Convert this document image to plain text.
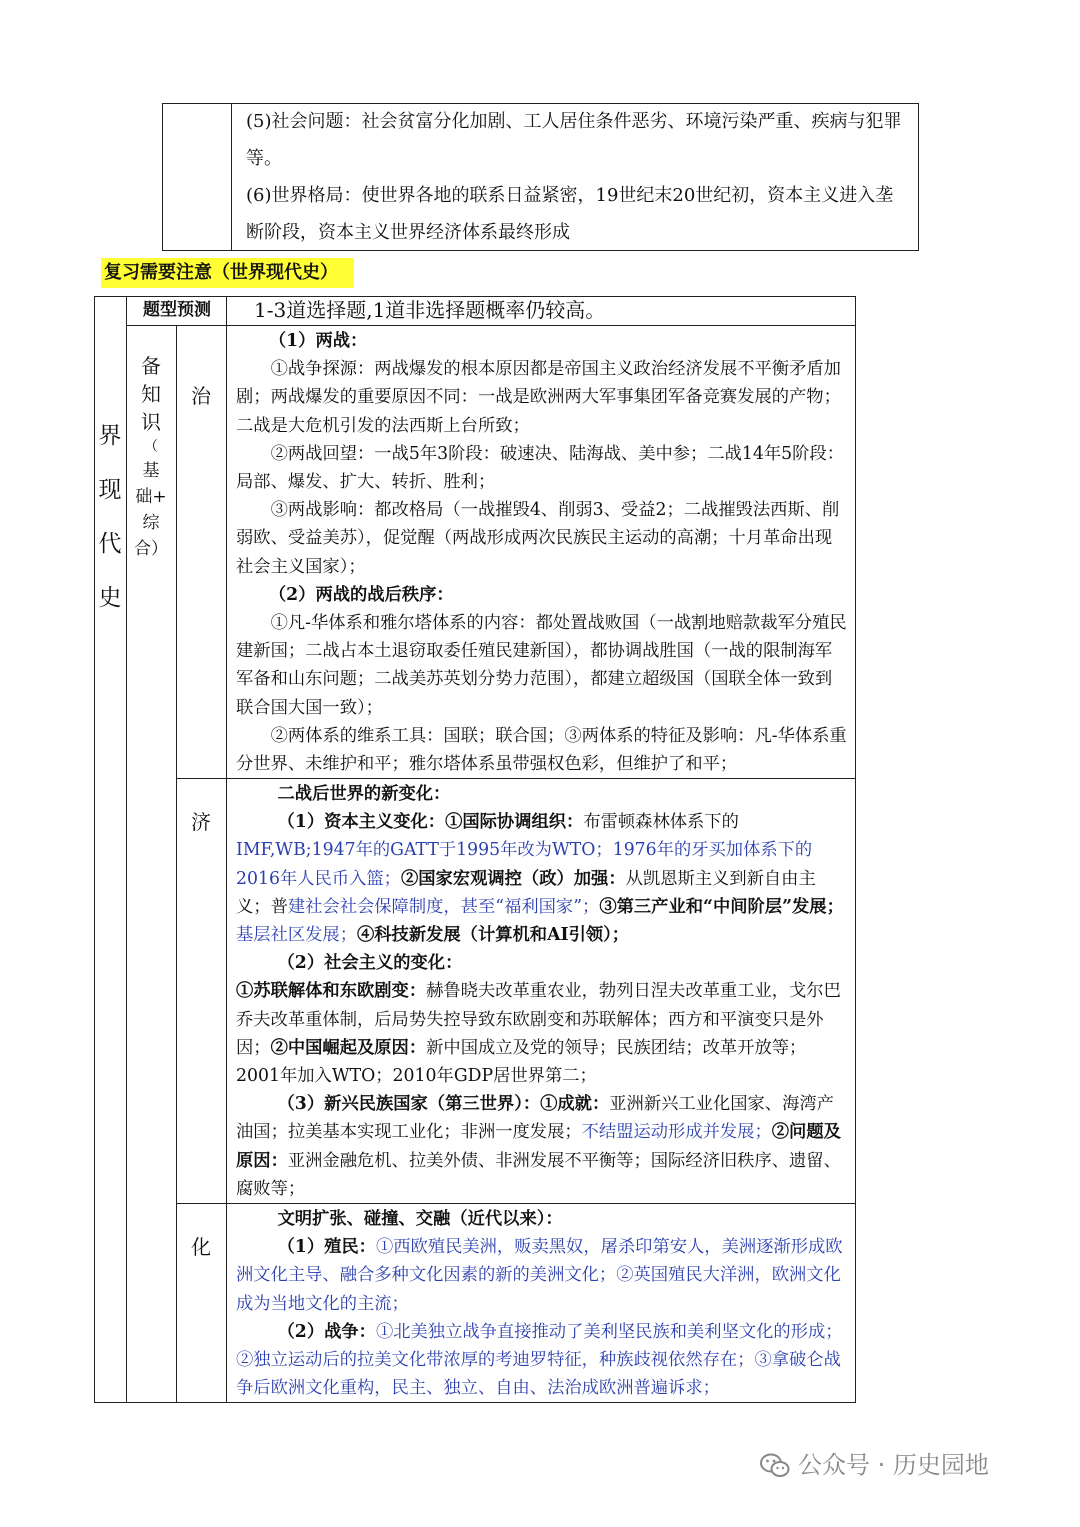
(5)社会问题：社会贫富分化加剧、工人居住条件恶劣、环境污染严重、疾病与犯罪等。

(6)世界格局：使世界各地的联系日益紧密，19世纪末20世纪初，资本主义进入垄断阶段，资本主义世界经济体系最终形成

复习需要注意（世界现代史）
界
现
代
史
题型预测	1-3道选择题,1道非选择题概率仍较高。
备
知
识
（
基
础+
综
合）
治
济
化

（1）两战：

①战争探源：两战爆发的根本原因都是帝国主义政治经济发展不平衡矛盾加剧；两战爆发的重要原因不同：一战是欧洲两大军事集团军备竞赛发展的产物；二战是大危机引发的法西斯上台所致；

②两战回望：一战5年3阶段：破速决、陆海战、美中参；二战14年5阶段：局部、爆发、扩大、转折、胜利；

③两战影响：都改格局（一战摧毁4、削弱3、受益2；二战摧毁法西斯、削弱欧、受益美苏），促觉醒（两战形成两次民族民主运动的高潮；十月革命出现社会主义国家）；

（2）两战的战后秩序：

①凡-华体系和雅尔塔体系的内容：都处置战败国（一战割地赔款裁军分殖民建新国；二战占本土退窃取委任殖民建新国），都协调战胜国（一战的限制海军军备和山东问题；二战美苏英划分势力范围），都建立超级国（国联全体一致到联合国大国一致）；

②两体系的维系工具：国联；联合国；③两体系的特征及影响：凡-华体系重分世界、未维护和平；雅尔塔体系虽带强权色彩，但维护了和平；

二战后世界的新变化：

（1）资本主义变化：①国际协调组织：布雷顿森林体系下的IMF,WB;1947年的GATT于1995年改为WTO；1976年的牙买加体系下的2016年人民币入篮；②国家宏观调控（政）加强：从凯恩斯主义到新自由主义；普建社会社会保障制度，甚至“福利国家”；③第三产业和“中间阶层”发展；基层社区发展；④科技新发展（计算机和AI引领）；

（2）社会主义的变化：

①苏联解体和东欧剧变：赫鲁晓夫改革重农业，勃列日涅夫改革重工业，戈尔巴乔夫改革重体制，后局势失控导致东欧剧变和苏联解体；西方和平演变只是外因；②中国崛起及原因：新中国成立及党的领导；民族团结；改革开放等；2001年加入WTO；2010年GDP居世界第二；

（3）新兴民族国家（第三世界）：①成就：亚洲新兴工业化国家、海湾产油国；拉美基本实现工业化；非洲一度发展；不结盟运动形成并发展；②问题及原因：亚洲金融危机、拉美外债、非洲发展不平衡等；国际经济旧秩序、遗留、腐败等；

文明扩张、碰撞、交融（近代以来）：

（1）殖民：①西欧殖民美洲，贩卖黑奴，屠杀印第安人，美洲逐渐形成欧洲文化主导、融合多种文化因素的新的美洲文化；②英国殖民大洋洲，欧洲文化成为当地文化的主流；

（2）战争：①北美独立战争直接推动了美利坚民族和美利坚文化的形成；②独立运动后的拉美文化带浓厚的考迪罗特征，种族歧视依然存在；③拿破仑战争后欧洲文化重构，民主、独立、自由、法治成欧洲普遍诉求；

公众号 · 历史园地
